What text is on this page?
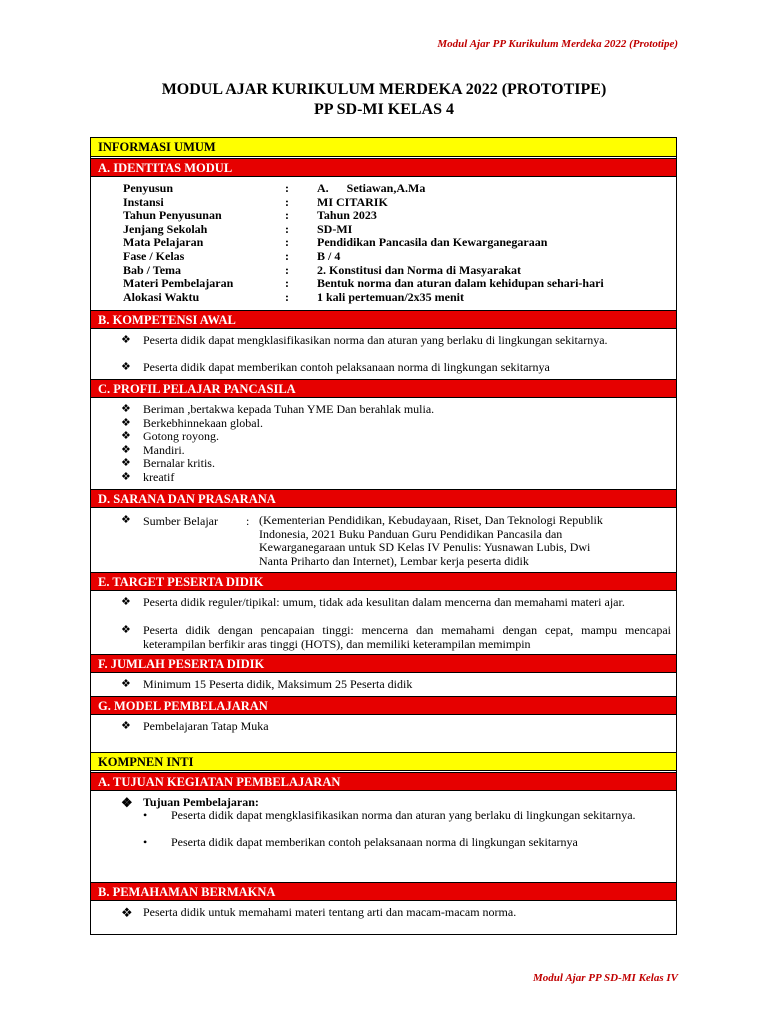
Modul Ajar PP Kurikulum Merdeka 2022 (Prototipe)
MODUL AJAR KURIKULUM MERDEKA 2022 (PROTOTIPE)
PP SD-MI KELAS 4
INFORMASI UMUM
A. IDENTITAS MODUL
Penyusun	: A.      Setiawan,A.Ma
Instansi	: MI CITARIK
Tahun Penyusunan	: Tahun 2023
Jenjang Sekolah	: SD-MI
Mata Pelajaran	: Pendidikan Pancasila dan Kewarganegaraan
Fase / Kelas	: B / 4
Bab / Tema	: 2. Konstitusi dan Norma di Masyarakat
Materi Pembelajaran	: Bentuk norma dan aturan dalam kehidupan sehari-hari
Alokasi Waktu	: 1 kali pertemuan/2x35 menit
B. KOMPETENSI AWAL
❖	Peserta didik dapat mengklasifikasikan norma dan aturan yang berlaku di lingkungan sekitarnya.
❖	Peserta didik dapat memberikan contoh pelaksanaan norma di lingkungan sekitarnya
C. PROFIL PELAJAR PANCASILA
❖	Beriman ,bertakwa kepada Tuhan YME Dan berahlak mulia.
❖	Berkebhinnekaan global.
❖	Gotong royong.
❖	Mandiri.
❖	Bernalar kritis.
❖	kreatif
D. SARANA DAN PRASARANA
❖	Sumber Belajar : (Kementerian Pendidikan, Kebudayaan, Riset, Dan Teknologi Republik
Indonesia, 2021 Buku Panduan Guru Pendidikan Pancasila dan
Kewarganegaraan untuk SD Kelas IV Penulis: Yusnawan Lubis, Dwi
Nanta Priharto dan Internet), Lembar kerja peserta didik
E. TARGET PESERTA DIDIK
❖	Peserta didik reguler/tipikal: umum, tidak ada kesulitan dalam mencerna dan memahami materi ajar.
❖	Peserta didik dengan pencapaian tinggi: mencerna dan memahami dengan cepat, mampu mencapai keterampilan berfikir aras tinggi (HOTS), dan memiliki keterampilan memimpin
F. JUMLAH PESERTA DIDIK
❖	Minimum 15 Peserta didik, Maksimum 25 Peserta didik
G. MODEL PEMBELAJARAN
❖	Pembelajaran Tatap Muka
KOMPNEN INTI
A. TUJUAN KEGIATAN PEMBELAJARAN
❖ Tujuan Pembelajaran:
• Peserta didik dapat mengklasifikasikan norma dan aturan yang berlaku di lingkungan sekitarnya.
• Peserta didik dapat memberikan contoh pelaksanaan norma di lingkungan sekitarnya
B. PEMAHAMAN BERMAKNA
❖ Peserta didik untuk memahami materi tentang arti dan macam-macam norma.
Modul Ajar PP SD-MI Kelas IV
